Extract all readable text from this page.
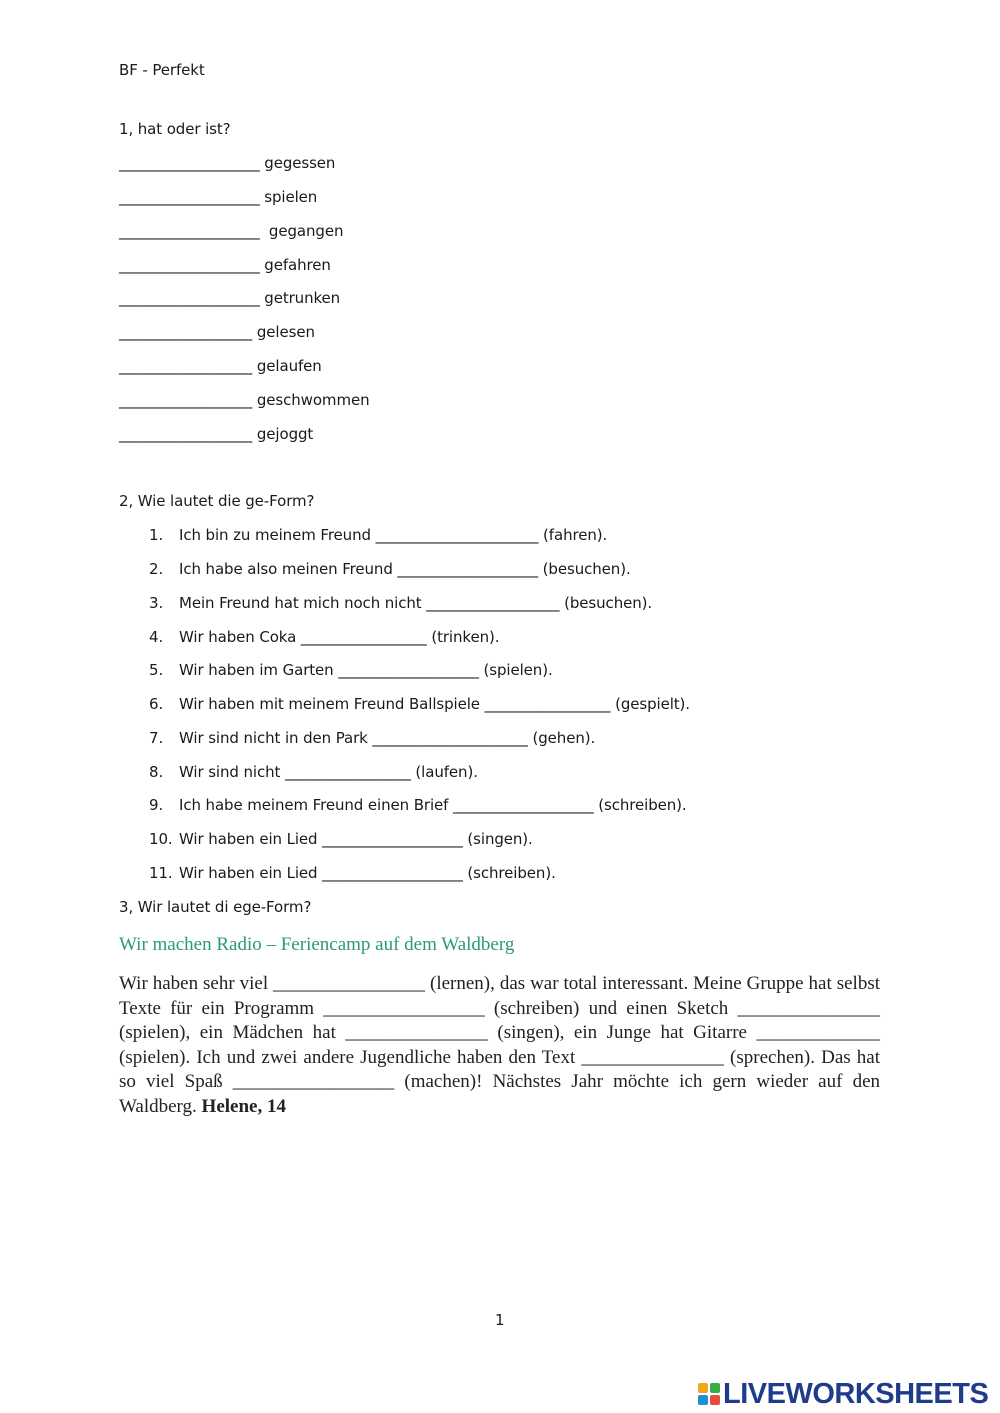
BF - Perfekt
1, hat oder ist?
___________________ gegessen
___________________ spielen
___________________  gegangen
___________________ gefahren
___________________ getrunken
__________________ gelesen
__________________ gelaufen
__________________ geschwommen
__________________ gejoggt
2, Wie lautet die ge-Form?
1. Ich bin zu meinem Freund ______________________ (fahren).
2. Ich habe also meinen Freund ___________________ (besuchen).
3. Mein Freund hat mich noch nicht __________________ (besuchen).
4. Wir haben Coka _________________ (trinken).
5. Wir haben im Garten ___________________ (spielen).
6. Wir haben mit meinem Freund Ballspiele _________________ (gespielt).
7. Wir sind nicht in den Park _____________________ (gehen).
8. Wir sind nicht _________________ (laufen).
9. Ich habe meinem Freund einen Brief ___________________ (schreiben).
10. Wir haben ein Lied ___________________ (singen).
11. Wir haben ein Lied ___________________ (schreiben).
3, Wir lautet di ege-Form?
Wir machen Radio – Feriencamp auf dem Waldberg
Wir haben sehr viel ________________ (lernen), das war total interessant. Meine Gruppe hat selbst Texte für ein Programm _________________ (schreiben) und einen Sketch _______________ (spielen), ein Mädchen hat _______________ (singen), ein Junge hat Gitarre _____________ (spielen). Ich und zwei andere Jugendliche haben den Text _______________ (sprechen). Das hat so viel Spaß _________________ (machen)! Nächstes Jahr möchte ich gern wieder auf den Waldberg. Helene, 14
1
LIVEWORKSHEETS
